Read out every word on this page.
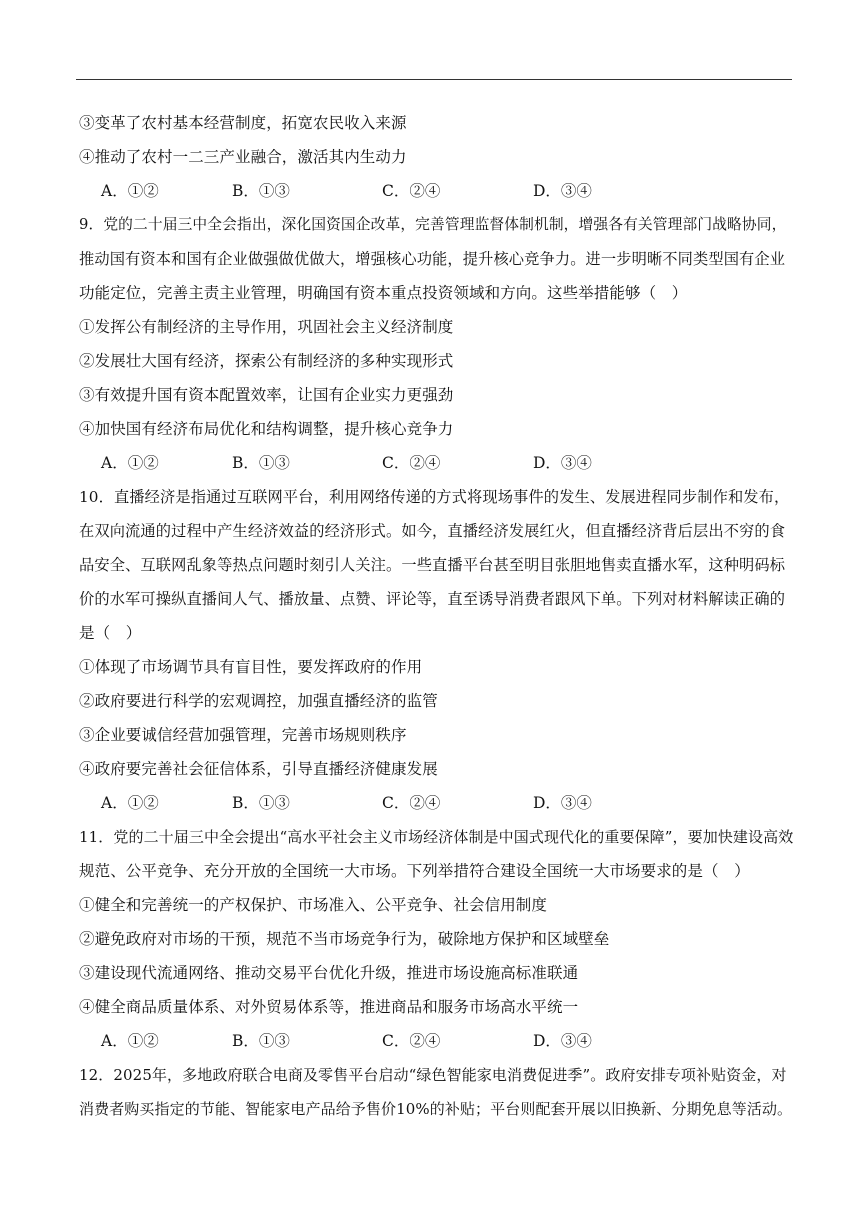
③变革了农村基本经营制度，拓宽农民收入来源
④推动了农村一二三产业融合，激活其内生动力
A．①②	B．①③	C．②④	D．③④
9．党的二十届三中全会指出，深化国资国企改革，完善管理监督体制机制，增强各有关管理部门战略协同，
推动国有资本和国有企业做强做优做大，增强核心功能，提升核心竞争力。进一步明晰不同类型国有企业
功能定位，完善主责主业管理，明确国有资本重点投资领域和方向。这些举措能够（　）
①发挥公有制经济的主导作用，巩固社会主义经济制度
②发展壮大国有经济，探索公有制经济的多种实现形式
③有效提升国有资本配置效率，让国有企业实力更强劲
④加快国有经济布局优化和结构调整，提升核心竞争力
A．①②	B．①③	C．②④	D．③④
10．直播经济是指通过互联网平台，利用网络传递的方式将现场事件的发生、发展进程同步制作和发布，
在双向流通的过程中产生经济效益的经济形式。如今，直播经济发展红火，但直播经济背后层出不穷的食
品安全、互联网乱象等热点问题时刻引人关注。一些直播平台甚至明目张胆地售卖直播水军，这种明码标
价的水军可操纵直播间人气、播放量、点赞、评论等，直至诱导消费者跟风下单。下列对材料解读正确的
是（　）
①体现了市场调节具有盲目性，要发挥政府的作用
②政府要进行科学的宏观调控，加强直播经济的监管
③企业要诚信经营加强管理，完善市场规则秩序
④政府要完善社会征信体系，引导直播经济健康发展
A．①②	B．①③	C．②④	D．③④
11．党的二十届三中全会提出“高水平社会主义市场经济体制是中国式现代化的重要保障”，要加快建设高效
规范、公平竞争、充分开放的全国统一大市场。下列举措符合建设全国统一大市场要求的是（　）
①健全和完善统一的产权保护、市场准入、公平竞争、社会信用制度
②避免政府对市场的干预，规范不当市场竞争行为，破除地方保护和区域壁垒
③建设现代流通网络、推动交易平台优化升级，推进市场设施高标准联通
④健全商品质量体系、对外贸易体系等，推进商品和服务市场高水平统一
A．①②	B．①③	C．②④	D．③④
12．2025年，多地政府联合电商及零售平台启动“绿色智能家电消费促进季”。政府安排专项补贴资金，对
消费者购买指定的节能、智能家电产品给予售价10%的补贴；平台则配套开展以旧换新、分期免息等活动。
